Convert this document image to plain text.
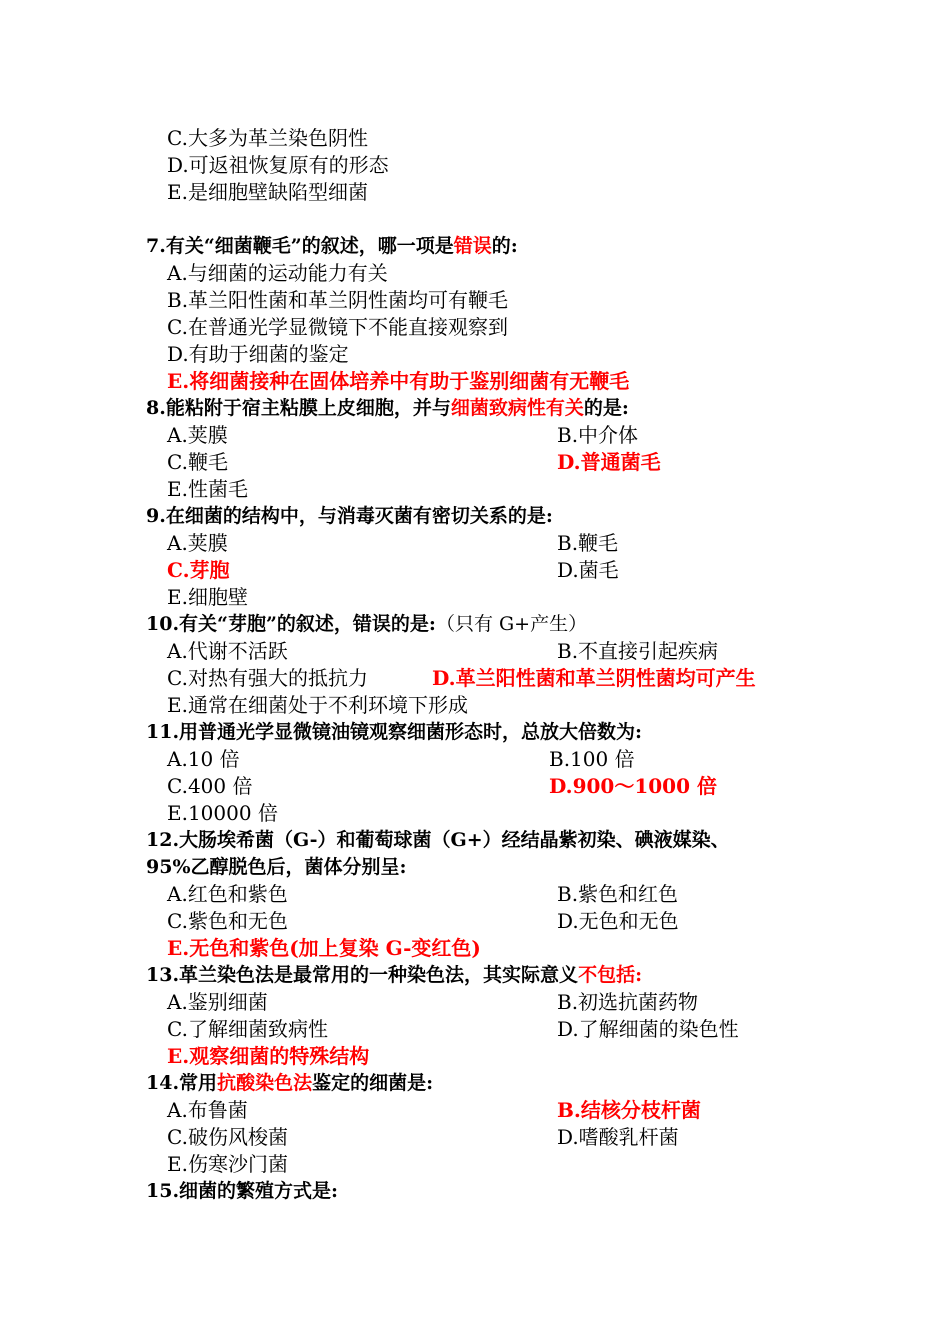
C.大多为革兰染色阴性
D.可返祖恢复原有的形态
E.是细胞壁缺陷型细菌
7.有关“细菌鞭毛”的叙述，哪一项是错误的:
A.与细菌的运动能力有关
B.革兰阳性菌和革兰阴性菌均可有鞭毛
C.在普通光学显微镜下不能直接观察到
D.有助于细菌的鉴定
E.将细菌接种在固体培养中有助于鉴别细菌有无鞭毛
8.能粘附于宿主粘膜上皮细胞，并与细菌致病性有关的是:
A.荚膜	B.中介体
C.鞭毛	D.普通菌毛
E.性菌毛
9.在细菌的结构中，与消毒灭菌有密切关系的是:
A.荚膜	B.鞭毛
C.芽胞	D.菌毛
E.细胞壁
10.有关“芽胞”的叙述，错误的是:（只有 G+产生）
A.代谢不活跃	B.不直接引起疾病
C.对热有强大的抵抗力	D.革兰阳性菌和革兰阴性菌均可产生
E.通常在细菌处于不利环境下形成
11.用普通光学显微镜油镜观察细菌形态时，总放大倍数为:
A.10 倍	B.100 倍
C.400 倍	D.900～1000 倍
E.10000 倍
12.大肠埃希菌（G-）和葡萄球菌（G+）经结晶紫初染、碘液媒染、
95%乙醇脱色后，菌体分别呈:
A.红色和紫色	B.紫色和红色
C.紫色和无色	D.无色和无色
E.无色和紫色(加上复染 G-变红色)
13.革兰染色法是最常用的一种染色法，其实际意义不包括:
A.鉴别细菌	B.初选抗菌药物
C.了解细菌致病性	D.了解细菌的染色性
E.观察细菌的特殊结构
14.常用抗酸染色法鉴定的细菌是:
A.布鲁菌	B.结核分枝杆菌
C.破伤风梭菌	D.嗜酸乳杆菌
E.伤寒沙门菌
15.细菌的繁殖方式是:
